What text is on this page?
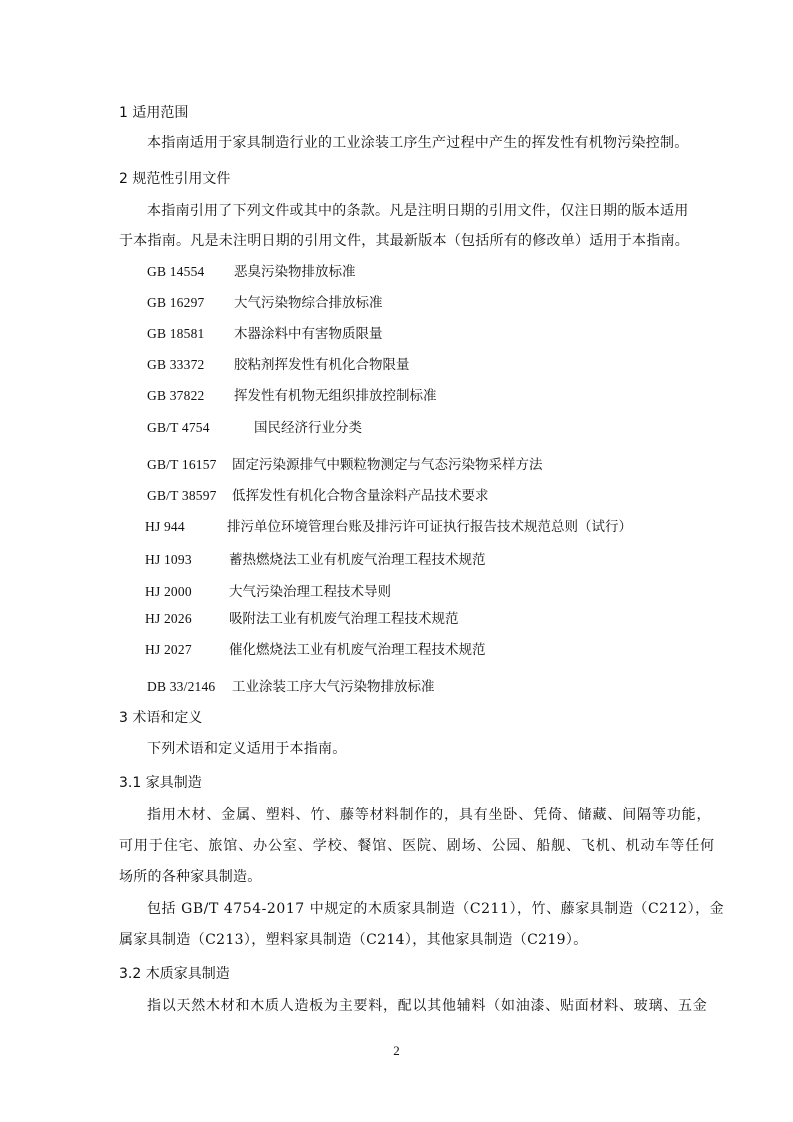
1 适用范围
本指南适用于家具制造行业的工业涂装工序生产过程中产生的挥发性有机物污染控制。
2 规范性引用文件
本指南引用了下列文件或其中的条款。凡是注明日期的引用文件，仅注日期的版本适用
于本指南。凡是未注明日期的引用文件，其最新版本（包括所有的修改单）适用于本指南。
GB 14554 恶臭污染物排放标准
GB 16297 大气污染物综合排放标准
GB 18581 木器涂料中有害物质限量
GB 33372 胶粘剂挥发性有机化合物限量
GB 37822 挥发性有机物无组织排放控制标准
GB/T 4754	国民经济行业分类
GB/T 16157 固定污染源排气中颗粒物测定与气态污染物采样方法
GB/T 38597 低挥发性有机化合物含量涂料产品技术要求
HJ 944	排污单位环境管理台账及排污许可证执行报告技术规范总则（试行）
HJ 1093	蓄热燃烧法工业有机废气治理工程技术规范
HJ 2000	大气污染治理工程技术导则
HJ 2026	吸附法工业有机废气治理工程技术规范
HJ 2027	催化燃烧法工业有机废气治理工程技术规范
DB 33/2146 工业涂装工序大气污染物排放标准
3 术语和定义
下列术语和定义适用于本指南。
3.1 家具制造
指用木材、金属、塑料、竹、藤等材料制作的，具有坐卧、凭倚、储藏、间隔等功能，
可用于住宅、旅馆、办公室、学校、餐馆、医院、剧场、公园、船舰、飞机、机动车等任何
场所的各种家具制造。
包括 GB/T 4754-2017 中规定的木质家具制造（C211），竹、藤家具制造（C212），金
属家具制造（C213），塑料家具制造（C214），其他家具制造（C219）。
3.2 木质家具制造
指以天然木材和木质人造板为主要料，配以其他辅料（如油漆、贴面材料、玻璃、五金
2
